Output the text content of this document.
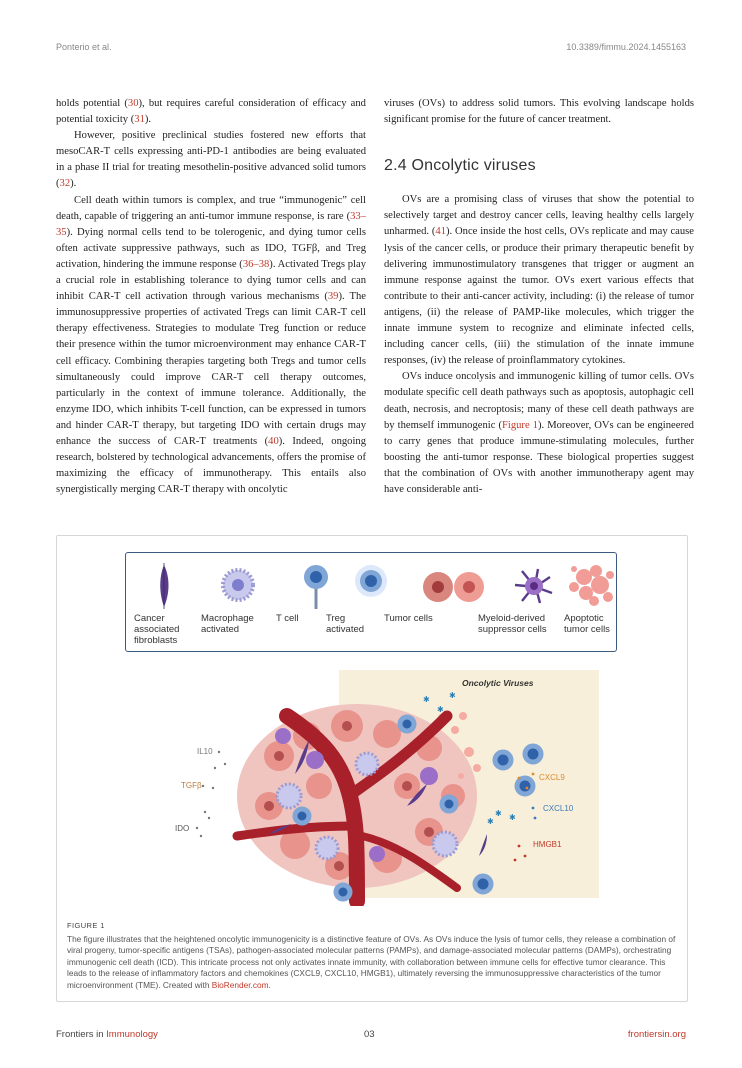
Ponterio et al.	10.3389/fimmu.2024.1455163

holds potential (30), but requires careful consideration of efficacy and potential toxicity (31).

However, positive preclinical studies fostered new efforts that mesoCAR-T cells expressing anti-PD-1 antibodies are being evaluated in a phase II trial for treating mesothelin-positive advanced solid tumors (32).

Cell death within tumors is complex, and true “immunogenic” cell death, capable of triggering an anti-tumor immune response, is rare (33–35). Dying normal cells tend to be tolerogenic, and dying tumor cells often activate suppressive pathways, such as IDO, TGFβ, and Treg activation, hindering the immune response (36–38). Activated Tregs play a crucial role in establishing tolerance to dying tumor cells and can inhibit CAR-T cell activation through various mechanisms (39). The immunosuppressive properties of activated Tregs can limit CAR-T cell therapy effectiveness. Strategies to modulate Treg function or reduce their presence within the tumor microenvironment may enhance CAR-T cell efficacy. Combining therapies targeting both Tregs and tumor cells simultaneously could improve CAR-T cell therapy outcomes, particularly in the context of immune tolerance. Additionally, the enzyme IDO, which inhibits T-cell function, can be expressed in tumors and hinder CAR-T therapy, but targeting IDO with certain drugs may enhance the success of CAR-T treatments (40). Indeed, ongoing research, bolstered by technological advancements, offers the promise of maximizing the efficacy of immunotherapy. This entails also synergistically merging CAR-T therapy with oncolytic

viruses (OVs) to address solid tumors. This evolving landscape holds significant promise for the future of cancer treatment.

2.4 Oncolytic viruses

OVs are a promising class of viruses that show the potential to selectively target and destroy cancer cells, leaving healthy cells largely unharmed. (41). Once inside the host cells, OVs replicate and may cause lysis of the cancer cells, or produce their primary therapeutic benefit by delivering immunostimulatory transgenes that trigger or augment an immune response against the tumor. OVs exert various effects that contribute to their anti-cancer activity, including: (i) the release of tumor antigens, (ii) the release of PAMP-like molecules, which trigger the innate immune system to recognize and eliminate infected cells, including cancer cells, (iii) the stimulation of the innate immune responses, (iv) the release of proinflammatory cytokines.

OVs induce oncolysis and immunogenic killing of tumor cells. OVs modulate specific cell death pathways such as apoptosis, autophagic cell death, necrosis, and necroptosis; many of these cell death pathways are by themself immunogenic (Figure 1). Moreover, OVs can be engineered to carry genes that produce immune-stimulating molecules, further boosting the anti-tumor response. These biological properties suggest that the combination of OVs with another immunotherapy agent may have considerable anti-

Cancer
associated
fibroblasts
Macrophage
activated
T cell	Treg
activated
Tumor cells	Myeloid-derived
suppressor cells
Apoptotic
tumor cells
✱
✱
✱
✱ ✱
✱
Oncolytic Viruses
IL10
TGFβ
IDO
CXCL9
CXCL10
HMGB1
FIGURE 1
The figure illustrates that the heightened oncolytic immunogenicity is a distinctive feature of OVs. As OVs induce the lysis of tumor cells, they release a combination of viral progeny, tumor-specific antigens (TSAs), pathogen-associated molecular patterns (PAMPs), and damage-associated molecular patterns (DAMPs), orchestrating immunogenic cell death (ICD). This intricate process not only activates innate immunity, with collaboration between immune cells for effective tumor clearance. This leads to the release of inflammatory factors and chemokines (CXCL9, CXCL10, HMGB1), ultimately reversing the immunosuppressive characteristics of the tumor microenvironment (TME). Created with BioRender.com.
Frontiers in Immunology	03	frontiersin.org
